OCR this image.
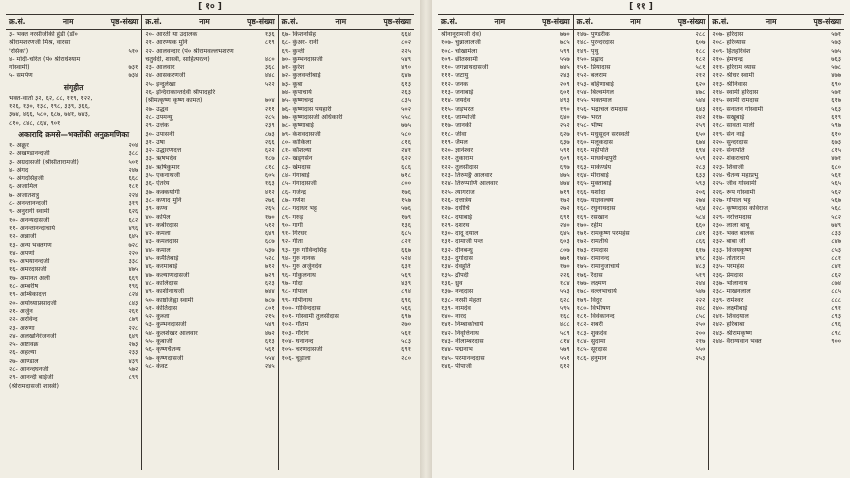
[ १० ]
क्र.सं.	नाम	पृष्ठ-संख्या क्र.सं.	नाम	पृष्ठ-संख्या क्र.सं.	नाम	पृष्ठ-संख्या
३- भक्त नरसीजीकी हुंडी (डॉ०
श्रीरामशरणजी मिश्र, वारसा
'रसिक')	५१०
४- मोर्दी-चरित (पं० श्रीराधेश्याम
गोस्वामी)	७३१
५- समर्पण	७३४
संगृहीत
भक्त-वार्ता ३२, ६२, ८८, ११९, १२२,
१२६, १३०, १३८, १९८, ३३९, ३६६,
३७४, ४६६, ५८०, ६८७, ७४१, ७४३,
८१०, ८४८, ८६४, ९०१
अकारादि क्रमसे—भक्तोंकी अनुक्रमणिका
१- अक्रूर	२०४
२- अखण्डानन्दजी	३८८
३- अग्रदासजी (श्रीसीतारामजी)	५०१
४- अंगद	२४७
५- अंगदसिंहजी	६६८
६- अजामिल	१८१
७- अजातशत्रु	२२४
८- अनन्तानन्दजी	३१९
९- अनुरागी स्वामी	६२६
१०- अनन्यदासजी	६८२
११- अनन्तानन्दाचार्य	४९६
१२- अन्नाजी	६४५
१३- अन्य भक्तगण	७२८
१४- अपर्णा	२२०
१५- अभयानन्दजी	३३८
१६- अमरदासजी	४७५
१७- अमानत अली	६६९
१८- अम्बरीष	१९६
१९- अम्बिकादत्त	८२४
२०- अयोध्याप्रसादजी	८४३
२१- अर्जुन	२६१
२२- अरविन्द	८७९
२३- अरुणा	२२८
२४- अलखनिरंजनजी	६४९
२५- अष्टावक्र	२७३
२६- अहल्या	२३३
२७- आण्डाल	४३९
२८- आनन्दघनजी	५७२
२९- आनन्दी बाईजी	८९९
(श्रीरामदासजी शास्त्री)
२०- आरती या उदालक	१३६
२१- आरण्यक मुनि	८१९
२२- आलवन्दार (पं० श्रीरामवल्लभशरण
चतुर्वेदी, शास्त्री, साहित्यरत्न)	४८०
२३- आलवार	३६८
२४- आसकरणजी	४४८
२५- इन्दुलेखा	५२२
२६- इन्दिराकान्तदेवी श्रीपादहरि
(श्रीमत्कृष्ण कृष्ण कामत)	७०४
२७- उद्धव	२११
२८- उपमन्यु	२८५
२९- उत्तंक	२३९
३०- उपासनी	८७३
३१- उषा	२६६
३२- उद्धारणदत्त	६२२
३३- ऋषभदेव	१८७
३४- ऋषिकुमार	८१८
३५- एकनाथजी	६०५
३६- ऐतरेय	१६३
३७- कक्कयोगी	४१२
३८- कणाद मुनि	२७६
३९- कण्व	२६५
४०- कपिल	१७०
४१- कबीरदास	५१२
४२- कमला	६४९
४३- कमलदास	६८७
४४- कमाल	५३७
४५- कर्मैतिबाई	५२८
४६- करमाबाई	७१२
४७- कल्याणदासजी	७२९
४८- कालिदास	६२३
४९- काशीनाथजी	७४४
५०- काष्ठजिह्वा स्वामी	७८७
५१- कीर्तिदास	८०१
५२- कुब्जा	२१५
५३- कुम्भनदासजी	५४९
५४- कुलशेखर आलवार	४७२
५५- कूबाजी	६१३
५६- कृष्णचैतन्य	५६१
५७- कृष्णदासजी	५५४
५८- केवट	२४५
६७- किशनसिंह	६६४
६८- कुंअर- रानी	८०२
६९- कुन्ती	२२५
७०- कुम्भनदासजी	५४९
७१- कुरेश	४९०
७२- कुलवन्तीबाई	६४७
७३- कूबा	६१३
७४- कृपाचार्य	२६३
७५- कृष्णचन्द्र	८३५
७६- कृष्णदास पयहारी	५०२
७७- कृष्णदासजी अधिकारी	५५८
७८- कृष्णाबाई	७७५
७९- केशवदासजी	५८०
८०- कोकिला	८१६
८१- कौशल्या	२४१
८२- खड्गसेन	६२२
८३- खेमदास	६८६
८४- गंगाबाई	७१८
८५- गंगादासजी	८००
८६- गजेन्द्र	१७६
८७- गणेश	१५७
८८- गदाधर भट्ट	५७६
८९- गरुड़	१७९
९०- गार्गी	१३६
९१- गिरधर	६८५
९२- गीता	८२१
९३- गुरु गोविन्दसिंह	६६७
९४- गुरु नानक	५२४
९५- गुरु अर्जुनदेव	६३१
९६- गोकुलनाथ	५६९
९७- गोदा	४३९
९८- गोपाल	८९४
९९- गोपीनाथ	६९६
१००- गोविन्ददास	५६६
१०१- गोस्वामी तुलसीदास	६९७
१०२- गौतम	२७०
१०३- गौरांग	५६१
१०४- घनानन्द	५८३
१०५- चरणदासजी	६९१
१०६- चूड़ाला	२८०
[ ११ ]
क्र.सं.	नाम	पृष्ठ-संख्या क्र.सं.	नाम	पृष्ठ-संख्या क्र.सं.	नाम	पृष्ठ-संख्या
श्रीनानूरामजी देव)	७७०
१०७- चुन्नालालजी	७८५
१०८- चोखामेला	५९९
१०९- छीतस्वामी	५५७
११०- जगन्नाथदासजी	७४५
१११- जटायु	२४३
११२- जनक	२०९
११३- जनाबाई	६०१
११४- जयदेव	४९३
११५- जड़भरत	१९०
११६- जाम्भोजी	६४०
११७- जानकी	२५२
११८- जीवा	६२७
११९- जैमल	६३७
१२०- ज्ञानेश्वर	५९१
१२१- तुकाराम	६०९
१२२- तुलसीदास	६९७
१२३- तिरुमङ्गै आलवार	४७५
१२४- तिरुप्पाणि आलवार	४७४
१२५- त्यागराज	७१९
१२६- दत्तात्रेय	१७२
१२७- दधीचि	२७२
१२८- दयाबाई	६९१
१२९- दशरथ	२४०
१३०- दादू दयाल	६४५
१३१- दामाजी पन्त	६०३
१३२- दीनबन्धु	८०७
१३३- दुर्गादास	७७१
१३४- देवहूति	१७०
१३५- द्रौपदी	२२६
१३६- ध्रुव	१८४
१३७- नन्ददास	५५३
१३८- नरसी मेहता	६२८
१३९- नामदेव	५९५
१४०- नारद	१६८
१४१- निम्बार्काचार्य	४८८
१४२- निवृत्तिनाथ	५८९
१४३- नीलाम्बरदास	८१४
१४४- पद्मनाभ	५७९
१४५- परमानन्ददास	५५१
१४६- पीपाजी	६१२
१४७- पुण्डरीक	२८८
१४८- पुरन्दरदास	६०७
१४९- पृथु	१८८
१५०- प्रह्लाद	१८२
१५१- प्रियादास	५८१
१५२- बलराम	२१२
१५३- बहिणाबाई	६२०
१५४- बिल्वमंगल	४७८
१५५- भक्तमाल	५४४
१५६- भद्राचल रामदास	६४३
१५७- भरत	२४२
१५८- भीष्म	२५९
१५९- मधुसूदन सरस्वती	६५०
१६०- मलूकदास	६७४
१६१- महीपति	६९४
१६२- माधवेन्द्रपुरी	५५९
१६३- मार्कण्डेय	२८३
१६४- मीराबाई	६३३
१६५- मुक्ताबाई	५९३
१६६- यशोदा	२०६
१६७- याज्ञवल्क्य	२७४
१६८- रघुनाथदास	५६४
१६९- रसखान	५८४
१७०- रहीम	६६०
१७१- रामकृष्ण परमहंस	८४१
१७२- रामतीर्थ	८६६
१७३- रामदास	६१७
१७४- रामानन्द	४९८
१७५- रामानुजाचार्य	४८३
१७६- रैदास	५१९
१७७- लक्ष्मण	२४४
१७८- वल्लभाचार्य	५४७
१७९- विदुर	२२२
१८०- विभीषण	२४८
१८१- विवेकानन्द	८५८
१८२- शबरी	२५०
१८३- शुकदेव	२००
१८४- सुदामा	२१७
१८५- सूरदास	५५०
१८६- हनुमान	२५३
२०७- हरिदास	५७१
२०८- हरिव्यास	५७३
२०९- हितहरिवंश	५७५
२१०- हेमचन्द्र	७६३
२११- हरिराम व्यास	५७८
२१२- श्रीधर स्वामी	४७७
२१३- श्रीनिवास	६९०
२१४- स्वामी हरिदास	५७१
२१५- स्वामी रामदास	६१७
२१६- सनातन गोस्वामी	५६३
२१७- सखूबाई	६१९
२१८- सावता माली	५९७
२१९- सेन नाई	६१०
२२०- सुन्दरदास	६७३
२२१- सेनापति	८१५
२२२- शंकराचार्य	४७१
२२३- शिवाजी	६८०
२२४- चैतन्य महाप्रभु	५६१
२२५- जीव गोस्वामी	५६५
२२६- रूप गोस्वामी	५६२
२२७- गोपाल भट्ट	५६७
२२८- कृष्णदास कविराज	५६८
२२९- नरोत्तमदास	५८२
२३०- लाला बाबू	७४९
२३१- भक्त बालक	८३३
२३२- बाबा जी	८४७
२३३- विजयकृष्ण	८५३
२३४- तोताराम	८८१
२३५- परमहंस	८४१
२३६- प्रेमदास	८६२
२३७- भोलानाथ	८७४
२३८- माखनलाल	८८५
२३९- रामेश्वर	८८८
२४०- लक्ष्मीबाई	८९१
२४१- शिवदयाल	८९३
२४२- हरिबाबा	८९६
२४३- श्रीरामकृष्ण	८९८
२४४- वैराग्यवान भक्त	९००
